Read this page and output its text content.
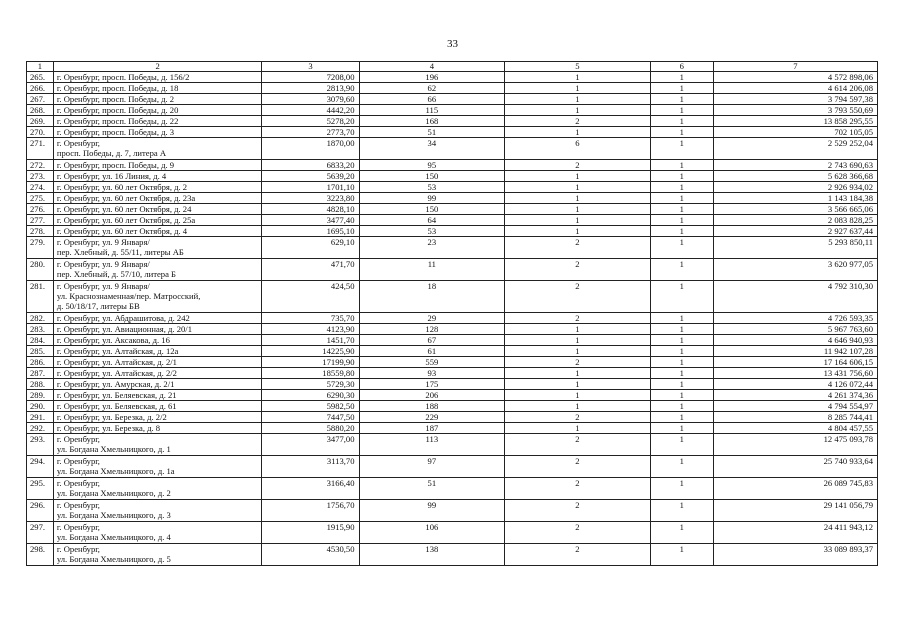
33
1	2	3	4	5	6	7
265.	г. Оренбург, просп. Победы, д. 156/2	7208,00	196	1	1	4 572 898,06
266.	г. Оренбург, просп. Победы, д. 18	2813,90	62	1	1	4 614 206,08
267.	г. Оренбург, просп. Победы, д. 2	3079,60	66	1	1	3 794 597,38
268.	г. Оренбург, просп. Победы, д. 20	4442,20	115	1	1	3 793 550,69
269.	г. Оренбург, просп. Победы, д. 22	5278,20	168	2	1	13 858 295,55
270.	г. Оренбург, просп. Победы, д. 3	2773,70	51	1	1	702 105,05
271.	г. Оренбург,
просп. Победы, д. 7, литера А	1870,00	34	6	1	2 529 252,04
272.	г. Оренбург, просп. Победы, д. 9	6833,20	95	2	1	2 743 690,63
273.	г. Оренбург, ул. 16 Линия, д. 4	5639,20	150	1	1	5 628 366,68
274.	г. Оренбург, ул. 60 лет Октября, д. 2	1701,10	53	1	1	2 926 934,02
275.	г. Оренбург, ул. 60 лет Октября, д. 23а	3223,80	99	1	1	1 143 184,38
276.	г. Оренбург, ул. 60 лет Октября, д. 24	4828,10	150	1	1	3 566 665,06
277.	г. Оренбург, ул. 60 лет Октября, д. 25а	3477,40	64	1	1	2 083 828,25
278.	г. Оренбург, ул. 60 лет Октября, д. 4	1695,10	53	1	1	2 927 637,44
279.	г. Оренбург, ул. 9 Января/
пер. Хлебный, д. 55/11, литеры АБ	629,10	23	2	1	5 293 850,11
280.	г. Оренбург, ул. 9 Января/
пер. Хлебный, д. 57/10, литера Б	471,70	11	2	1	3 620 977,05
281.	г. Оренбург, ул. 9 Января/
ул. Краснознаменная/пер. Матросский,
д. 50/18/17, литеры БВ	424,50	18	2	1	4 792 310,30
282.	г. Оренбург, ул. Абдрашитова, д. 242	735,70	29	2	1	4 726 593,35
283.	г. Оренбург, ул. Авиационная, д. 20/1	4123,90	128	1	1	5 967 763,60
284.	г. Оренбург, ул. Аксакова, д. 16	1451,70	67	1	1	4 646 940,93
285.	г. Оренбург, ул. Алтайская, д. 12а	14225,90	61	1	1	11 942 107,28
286.	г. Оренбург, ул. Алтайская, д. 2/1	17199,90	559	2	1	17 164 606,15
287.	г. Оренбург, ул. Алтайская, д. 2/2	18559,80	93	1	1	13 431 756,60
288.	г. Оренбург, ул. Амурская, д. 2/1	5729,30	175	1	1	4 126 072,44
289.	г. Оренбург, ул. Беляевская, д. 21	6290,30	206	1	1	4 261 374,36
290.	г. Оренбург, ул. Беляевская, д. 61	5982,50	188	1	1	4 794 554,97
291.	г. Оренбург, ул. Березка, д. 2/2	7447,50	229	2	1	8 285 744,41
292.	г. Оренбург, ул. Березка, д. 8	5880,20	187	1	1	4 804 457,55
293.	г. Оренбург,
ул. Богдана Хмельницкого, д. 1	3477,00	113	2	1	12 475 093,78
294.	г. Оренбург,
ул. Богдана Хмельницкого, д. 1а	3113,70	97	2	1	25 740 933,64
295.	г. Оренбург,
ул. Богдана Хмельницкого, д. 2	3166,40	51	2	1	26 089 745,83
296.	г. Оренбург,
ул. Богдана Хмельницкого, д. 3	1756,70	99	2	1	29 141 056,79
297.	г. Оренбург,
ул. Богдана Хмельницкого, д. 4	1915,90	106	2	1	24 411 943,12
298.	г. Оренбург,
ул. Богдана Хмельницкого, д. 5	4530,50	138	2	1	33 089 893,37
